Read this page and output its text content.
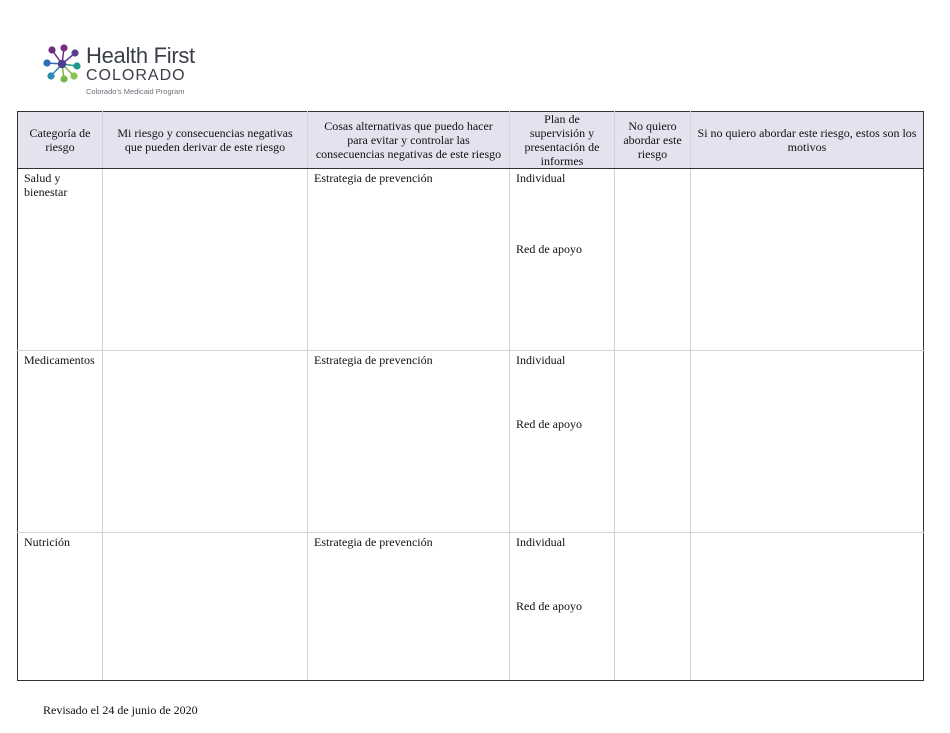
Health First
COLORADO
Colorado's Medicaid Program
Categoría de riesgo	Mi riesgo y consecuencias negativas que pueden derivar de este riesgo	Cosas alternativas que puedo hacer para evitar y controlar las consecuencias negativas de este riesgo	Plan de supervisión y presentación de informes	No quiero abordar este riesgo	Si no quiero abordar este riesgo, estos son los motivos
Salud y bienestar		Estrategia de prevención	Individual
Red de apoyo		

Medicamentos		Estrategia de prevención	Individual
Red de apoyo		

Nutrición		Estrategia de prevención	Individual
Red de apoyo		

Revisado el 24 de junio de 2020
